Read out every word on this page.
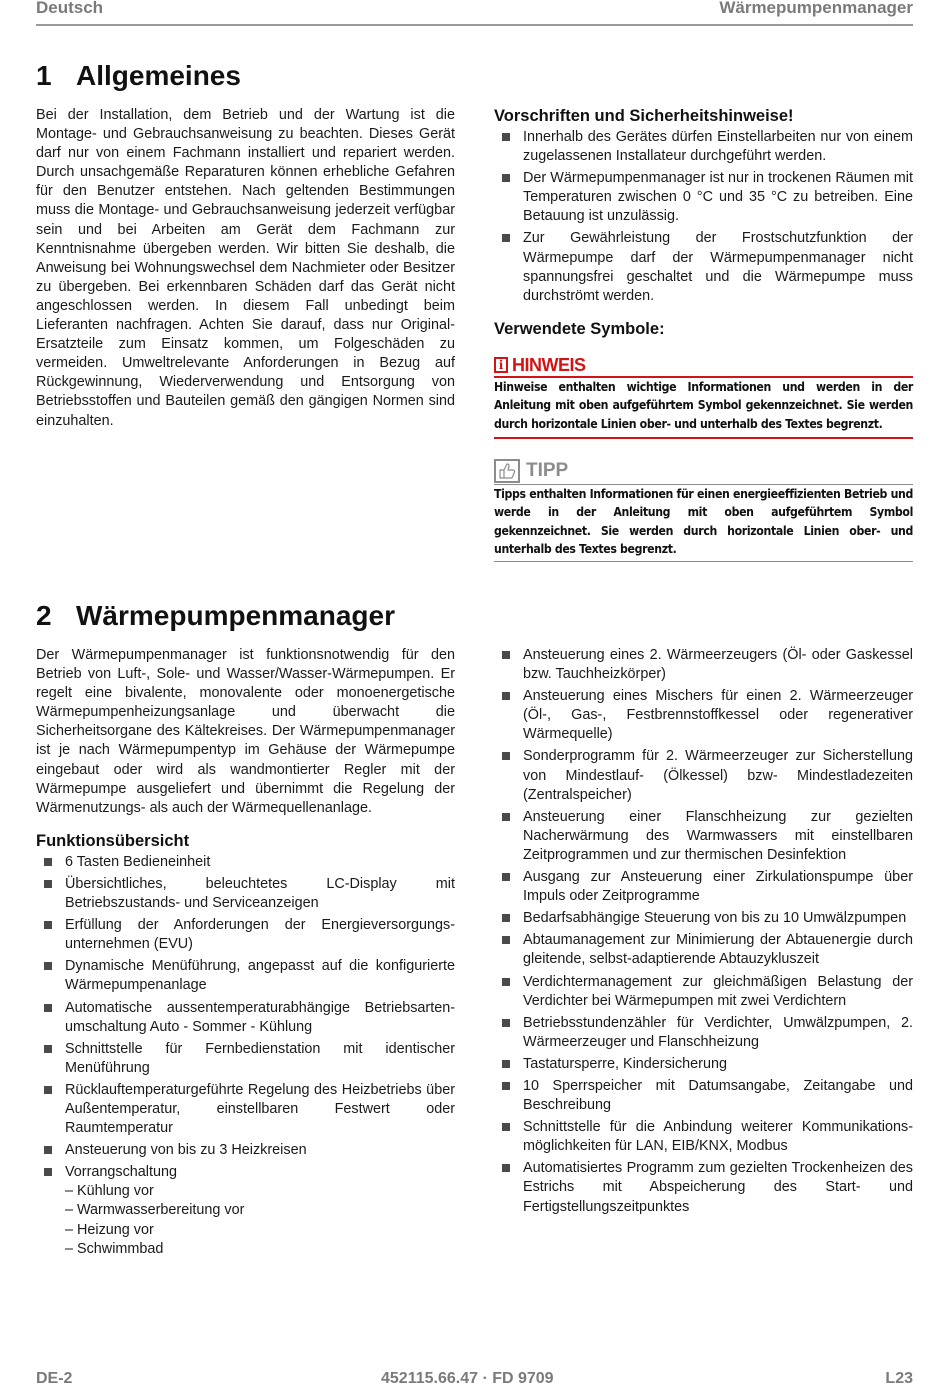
Deutsch	Wärmepumpenmanager
1 Allgemeines

Bei der Installation, dem Betrieb und der Wartung ist die Montage- und Gebrauchsanweisung zu beachten. Dieses Gerät darf nur von einem Fachmann installiert und repariert werden. Durch unsachgemäße Reparaturen können erhebliche Gefahren für den Benutzer entstehen. Nach geltenden Bestimmungen muss die Montage- und Gebrauchsanweisung jederzeit verfügbar sein und bei Arbeiten am Gerät dem Fachmann zur Kenntnisnahme übergeben werden. Wir bitten Sie deshalb, die Anweisung bei Wohnungswechsel dem Nachmieter oder Besitzer zu übergeben. Bei erkennbaren Schäden darf das Gerät nicht angeschlossen werden. In diesem Fall unbedingt beim Lieferanten nachfragen. Achten Sie darauf, dass nur Original-Ersatzteile zum Einsatz kommen, um Folgeschäden zu vermeiden. Umweltrelevante Anforderungen in Bezug auf Rückgewinnung, Wiederverwendung und Entsorgung von Betriebsstoffen und Bauteilen gemäß den gängigen Normen sind einzuhalten.

Vorschriften und Sicherheitshinweise!
Innerhalb des Gerätes dürfen Einstellarbeiten nur von einem zugelassenen Installateur durchgeführt werden.
Der Wärmepumpenmanager ist nur in trockenen Räumen mit Temperaturen zwischen 0 °C und 35 °C zu betreiben. Eine Betauung ist unzulässig.
Zur Gewährleistung der Frostschutzfunktion der Wärmepumpe darf der Wärmepumpenmanager nicht spannungsfrei geschaltet und die Wärmepumpe muss durchströmt werden.
Verwendete Symbole:
i HINWEIS

Hinweise enthalten wichtige Informationen und werden in der Anleitung mit oben aufgeführtem Symbol gekennzeichnet. Sie werden durch horizontale Linien ober- und unterhalb des Textes begrenzt.

TIPP

Tipps enthalten Informationen für einen energieeffizienten Betrieb und werde in der Anleitung mit oben aufgeführtem Symbol gekennzeichnet. Sie werden durch horizontale Linien ober- und unterhalb des Textes begrenzt.

2 Wärmepumpenmanager

Der Wärmepumpenmanager ist funktionsnotwendig für den Betrieb von Luft-, Sole- und Wasser/Wasser-Wärmepumpen. Er regelt eine bivalente, monovalente oder monoenergetische Wärmepumpenheizungsanlage und überwacht die Sicherheitsorgane des Kältekreises. Der Wärmepumpenmanager ist je nach Wärmepumpentyp im Gehäuse der Wärmepumpe eingebaut oder wird als wandmontierter Regler mit der Wärmepumpe ausgeliefert und übernimmt die Regelung der Wärmenutzungs- als auch der Wärmequellenanlage.

Funktionsübersicht
6 Tasten Bedieneinheit
Übersichtliches, beleuchtetes LC-Display mit Betriebszustands- und Serviceanzeigen
Erfüllung der Anforderungen der Energieversorgungs-unternehmen (EVU)
Dynamische Menüführung, angepasst auf die konfigurierte Wärmepumpenanlage
Automatische aussentemperaturabhängige Betriebsarten-umschaltung Auto - Sommer - Kühlung
Schnittstelle für Fernbedienstation mit identischer Menüführung
Rücklauftemperaturgeführte Regelung des Heizbetriebs über Außentemperatur, einstellbaren Festwert oder Raumtemperatur
Ansteuerung von bis zu 3 Heizkreisen
Vorrangschaltung
– Kühlung vor
– Warmwasserbereitung vor
– Heizung vor
– Schwimmbad
Ansteuerung eines 2. Wärmeerzeugers (Öl- oder Gaskessel bzw. Tauchheizkörper)
Ansteuerung eines Mischers für einen 2. Wärmeerzeuger (Öl-, Gas-, Festbrennstoffkessel oder regenerativer Wärmequelle)
Sonderprogramm für 2. Wärmeerzeuger zur Sicherstellung von Mindestlauf- (Ölkessel) bzw- Mindestladezeiten (Zentralspeicher)
Ansteuerung einer Flanschheizung zur gezielten Nacherwärmung des Warmwassers mit einstellbaren Zeitprogrammen und zur thermischen Desinfektion
Ausgang zur Ansteuerung einer Zirkulationspumpe über Impuls oder Zeitprogramme
Bedarfsabhängige Steuerung von bis zu 10 Umwälzpumpen
Abtaumanagement zur Minimierung der Abtauenergie durch gleitende, selbst-adaptierende Abtauzykluszeit
Verdichtermanagement zur gleichmäßigen Belastung der Verdichter bei Wärmepumpen mit zwei Verdichtern
Betriebsstundenzähler für Verdichter, Umwälzpumpen, 2. Wärmeerzeuger und Flanschheizung
Tastatursperre, Kindersicherung
10 Sperrspeicher mit Datumsangabe, Zeitangabe und Beschreibung
Schnittstelle für die Anbindung weiterer Kommunikations-möglichkeiten für LAN, EIB/KNX, Modbus
Automatisiertes Programm zum gezielten Trockenheizen des Estrichs mit Abspeicherung des Start- und Fertigstellungszeitpunktes
DE-2	452115.66.47 · FD 9709	L23
